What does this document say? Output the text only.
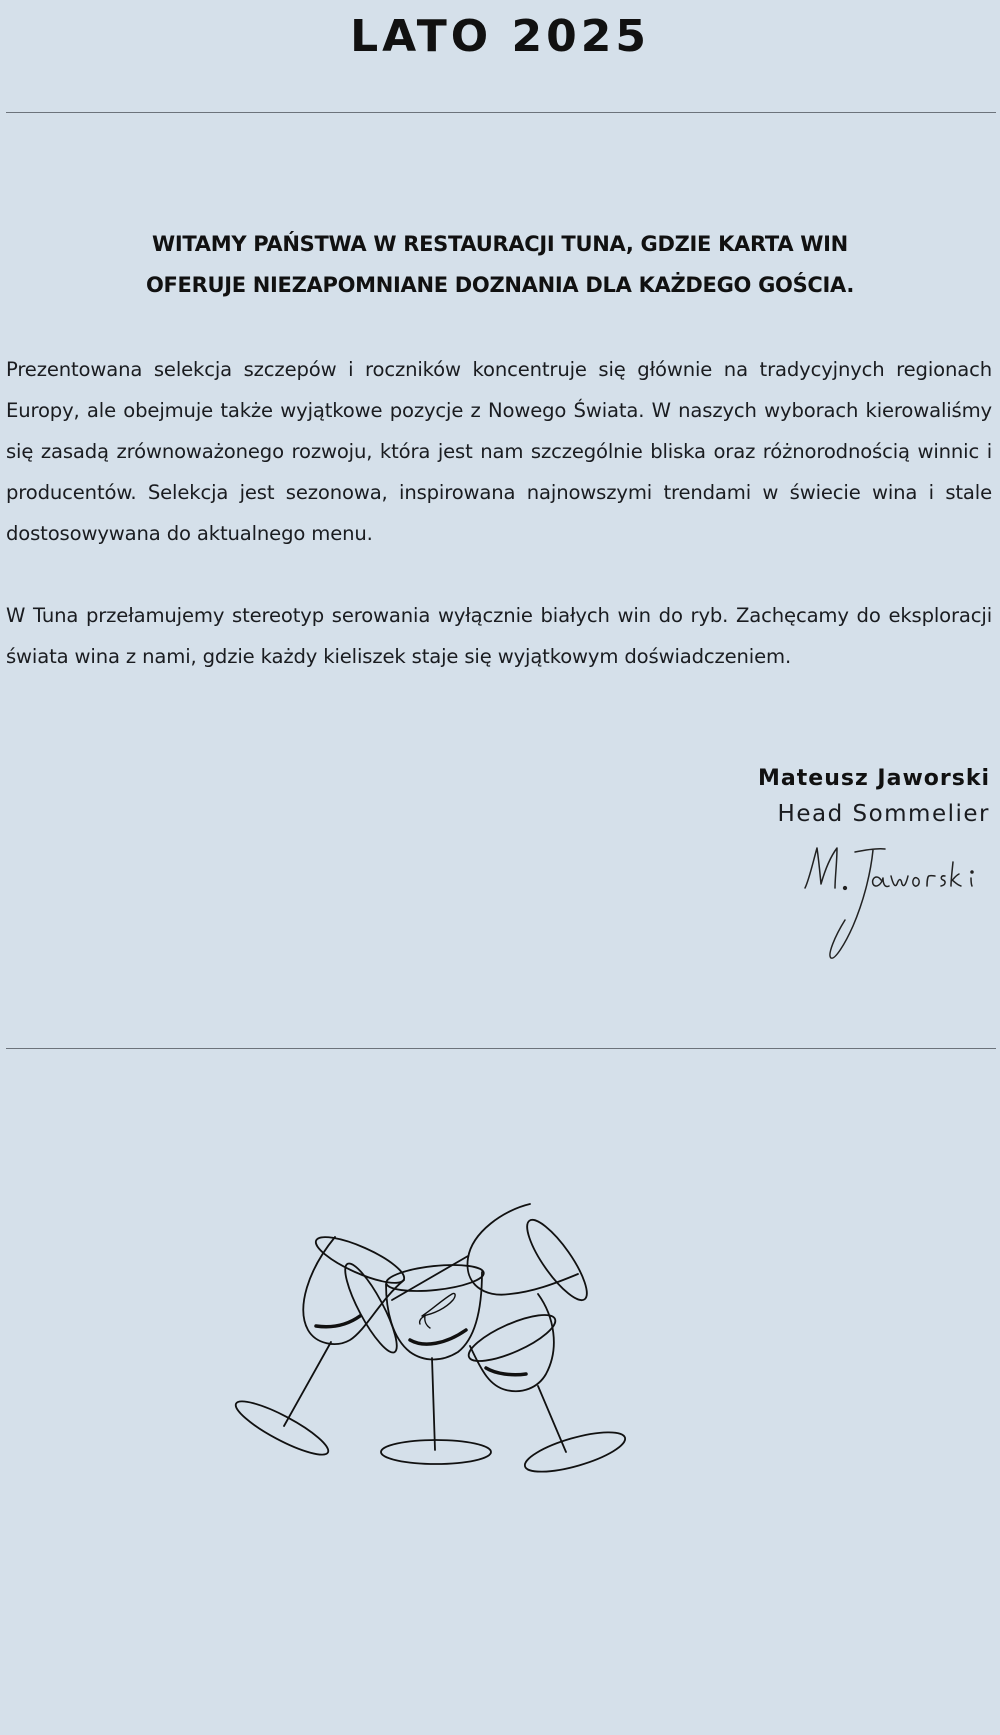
LATO 2025
WITAMY PAŃSTWA W RESTAURACJI TUNA, GDZIE KARTA WIN
OFERUJE NIEZAPOMNIANE DOZNANIA DLA KAŻDEGO GOŚCIA.
Prezentowana selekcja szczepów i roczników koncentruje się głównie na tradycyjnych regionach Europy, ale obejmuje także wyjątkowe pozycje z Nowego Świata. W naszych wyborach kierowaliśmy się zasadą zrównoważonego rozwoju, która jest nam szczególnie bliska oraz różnorodnością winnic i producentów. Selekcja jest sezonowa, inspirowana najnowszymi trendami w świecie wina i stale dostosowywana do aktualnego menu.
W Tuna przełamujemy stereotyp serowania wyłącznie białych win do ryb. Zachęcamy do eksploracji świata wina z nami, gdzie każdy kieliszek staje się wyjątkowym doświadczeniem.
Mateusz Jaworski
Head Sommelier
